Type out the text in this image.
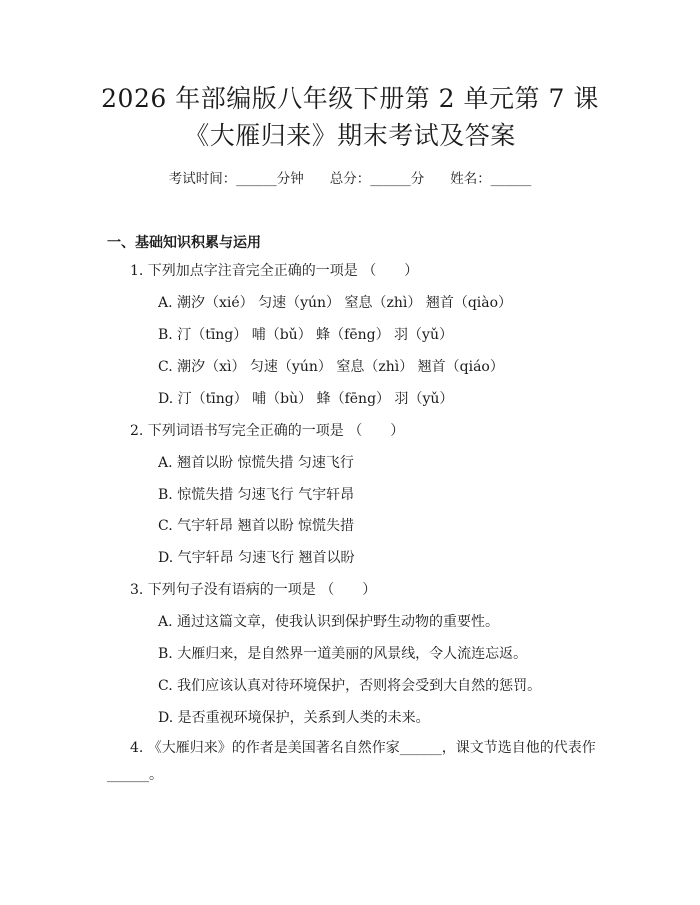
2026 年部编版八年级下册第 2 单元第 7 课
《大雁归来》期末考试及答案
考试时间：______分钟 总分：______分 姓名：______
一、基础知识积累与运用
1. 下列加点字注音完全正确的一项是 （　　）
A. 潮汐（xié） 匀速（yún） 窒息（zhì） 翘首（qiào）
B. 汀（tīng） 哺（bǔ） 蜂（fēng） 羽（yǔ）
C. 潮汐（xì） 匀速（yún） 窒息（zhì） 翘首（qiáo）
D. 汀（tīng） 哺（bù） 蜂（fēng） 羽（yǔ）
2. 下列词语书写完全正确的一项是 （　　）
A. 翘首以盼 惊慌失措 匀速飞行
B. 惊慌失措 匀速飞行 气宇轩昂
C. 气宇轩昂 翘首以盼 惊慌失措
D. 气宇轩昂 匀速飞行 翘首以盼
3. 下列句子没有语病的一项是 （　　）
A. 通过这篇文章，使我认识到保护野生动物的重要性。
B. 大雁归来，是自然界一道美丽的风景线，令人流连忘返。
C. 我们应该认真对待环境保护，否则将会受到大自然的惩罚。
D. 是否重视环境保护，关系到人类的未来。
4. 《大雁归来》的作者是美国著名自然作家______，课文节选自他的代表作
______。
